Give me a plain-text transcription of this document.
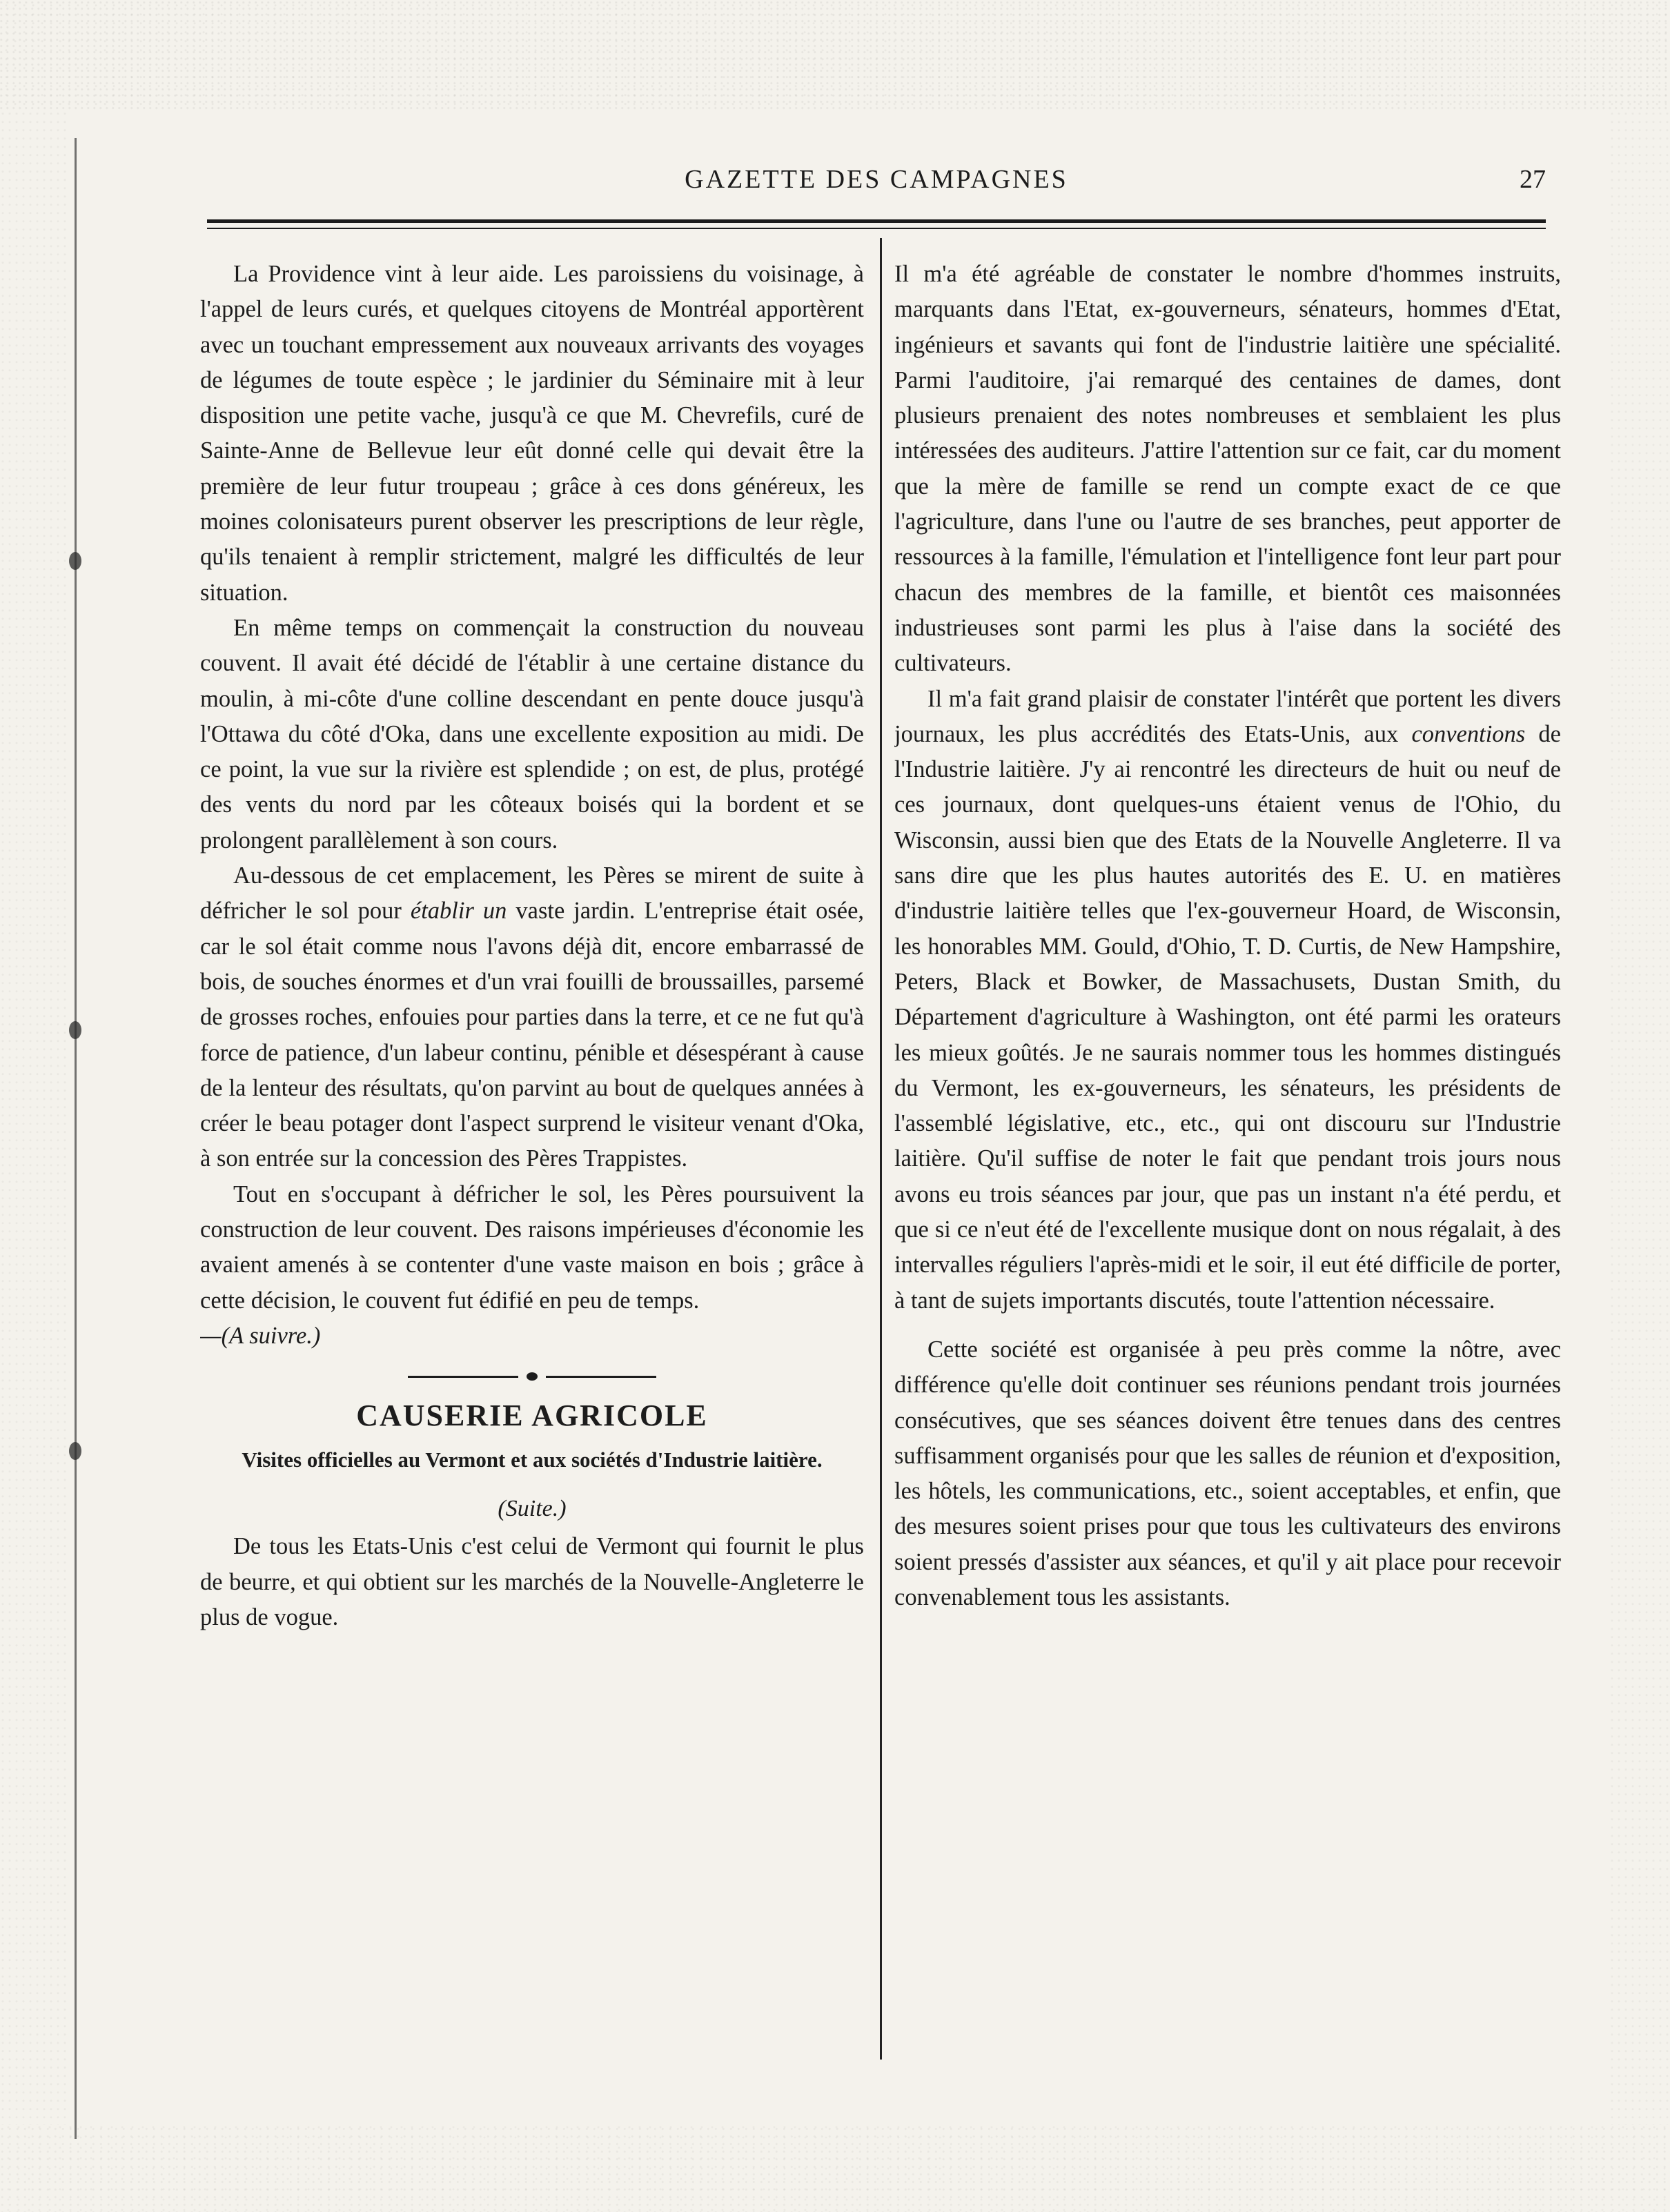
GAZETTE DES CAMPAGNES	27

La Providence vint à leur aide. Les paroissiens du voisinage, à l'appel de leurs curés, et quelques citoyens de Montréal apportèrent avec un touchant empressement aux nouveaux arrivants des voyages de légumes de toute espèce ; le jardinier du Séminaire mit à leur disposition une petite vache, jusqu'à ce que M. Chevrefils, curé de Sainte-Anne de Bellevue leur eût donné celle qui devait être la première de leur futur troupeau ; grâce à ces dons généreux, les moines colonisateurs purent observer les prescriptions de leur règle, qu'ils tenaient à remplir strictement, malgré les difficultés de leur situation.

En même temps on commençait la construction du nouveau couvent. Il avait été décidé de l'établir à une certaine distance du moulin, à mi-côte d'une colline descendant en pente douce jusqu'à l'Ottawa du côté d'Oka, dans une excellente exposition au midi. De ce point, la vue sur la rivière est splendide ; on est, de plus, protégé des vents du nord par les côteaux boisés qui la bordent et se prolongent parallèlement à son cours.

Au-dessous de cet emplacement, les Pères se mirent de suite à défricher le sol pour établir un vaste jardin. L'entreprise était osée, car le sol était comme nous l'avons déjà dit, encore embarrassé de bois, de souches énormes et d'un vrai fouilli de broussailles, parsemé de grosses roches, enfouies pour parties dans la terre, et ce ne fut qu'à force de patience, d'un labeur continu, pénible et désespérant à cause de la lenteur des résultats, qu'on parvint au bout de quelques années à créer le beau potager dont l'aspect surprend le visiteur venant d'Oka, à son entrée sur la concession des Pères Trappistes.

Tout en s'occupant à défricher le sol, les Pères poursuivent la construction de leur couvent. Des raisons impérieuses d'économie les avaient amenés à se contenter d'une vaste maison en bois ; grâce à cette décision, le couvent fut édifié en peu de temps.

—(A suivre.)

CAUSERIE AGRICOLE
Visites officielles au Vermont et aux sociétés d'Industrie laitière.
(Suite.)

De tous les Etats-Unis c'est celui de Vermont qui fournit le plus de beurre, et qui obtient sur les marchés de la Nouvelle-Angleterre le plus de vogue.

Il m'a été agréable de constater le nombre d'hommes instruits, marquants dans l'Etat, ex-gouverneurs, sénateurs, hommes d'Etat, ingénieurs et savants qui font de l'industrie laitière une spécialité. Parmi l'auditoire, j'ai remarqué des centaines de dames, dont plusieurs prenaient des notes nombreuses et semblaient les plus intéressées des auditeurs. J'attire l'attention sur ce fait, car du moment que la mère de famille se rend un compte exact de ce que l'agriculture, dans l'une ou l'autre de ses branches, peut apporter de ressources à la famille, l'émulation et l'intelligence font leur part pour chacun des membres de la famille, et bientôt ces maisonnées industrieuses sont parmi les plus à l'aise dans la société des cultivateurs.

Il m'a fait grand plaisir de constater l'intérêt que portent les divers journaux, les plus accrédités des Etats-Unis, aux conventions de l'Industrie laitière. J'y ai rencontré les directeurs de huit ou neuf de ces journaux, dont quelques-uns étaient venus de l'Ohio, du Wisconsin, aussi bien que des Etats de la Nouvelle Angleterre. Il va sans dire que les plus hautes autorités des E. U. en matières d'industrie laitière telles que l'ex-gouverneur Hoard, de Wisconsin, les honorables MM. Gould, d'Ohio, T. D. Curtis, de New Hampshire, Peters, Black et Bowker, de Massachusets, Dustan Smith, du Département d'agriculture à Washington, ont été parmi les orateurs les mieux goûtés. Je ne saurais nommer tous les hommes distingués du Vermont, les ex-gouverneurs, les sénateurs, les présidents de l'assemblé législative, etc., etc., qui ont discouru sur l'Industrie laitière. Qu'il suffise de noter le fait que pendant trois jours nous avons eu trois séances par jour, que pas un instant n'a été perdu, et que si ce n'eut été de l'excellente musique dont on nous régalait, à des intervalles réguliers l'après-midi et le soir, il eut été difficile de porter, à tant de sujets importants discutés, toute l'attention nécessaire.

Cette société est organisée à peu près comme la nôtre, avec différence qu'elle doit continuer ses réunions pendant trois journées consécutives, que ses séances doivent être tenues dans des centres suffisamment organisés pour que les salles de réunion et d'exposition, les hôtels, les communications, etc., soient acceptables, et enfin, que des mesures soient prises pour que tous les cultivateurs des environs soient pressés d'assister aux séances, et qu'il y ait place pour recevoir convenablement tous les assistants.
